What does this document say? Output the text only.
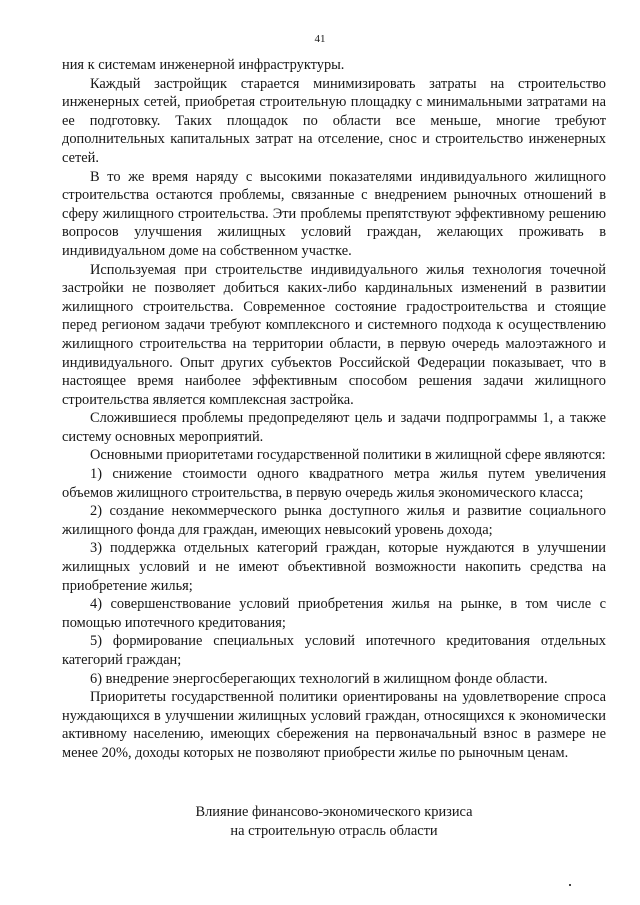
41

ния к системам инженерной инфраструктуры.

Каждый застройщик старается минимизировать затраты на строительство инженерных сетей, приобретая строительную площадку с минимальными затратами на ее подготовку. Таких площадок по области все меньше, многие требуют дополнительных капитальных затрат на отселение, снос и строительство инженерных сетей.

В то же время наряду с высокими показателями индивидуального жилищного строительства остаются проблемы, связанные с внедрением рыночных отношений в сферу жилищного строительства. Эти проблемы препятствуют эффективному решению вопросов улучшения жилищных условий граждан, желающих проживать в индивидуальном доме на собственном участке.

Используемая при строительстве индивидуального жилья технология точечной застройки не позволяет добиться каких-либо кардинальных изменений в развитии жилищного строительства. Современное состояние градостроительства и стоящие перед регионом задачи требуют комплексного и системного подхода к осуществлению жилищного строительства на территории области, в первую очередь малоэтажного и индивидуального. Опыт других субъектов Российской Федерации показывает, что в настоящее время наиболее эффективным способом решения задачи жилищного строительства является комплексная застройка.

Сложившиеся проблемы предопределяют цель и задачи подпрограммы 1, а также систему основных мероприятий.

Основными приоритетами государственной политики в жилищной сфере являются:

1) снижение стоимости одного квадратного метра жилья путем увеличения объемов жилищного строительства, в первую очередь жилья экономического класса;

2) создание некоммерческого рынка доступного жилья и развитие социального жилищного фонда для граждан, имеющих невысокий уровень дохода;

3) поддержка отдельных категорий граждан, которые нуждаются в улучшении жилищных условий и не имеют объективной возможности накопить средства на приобретение жилья;

4) совершенствование условий приобретения жилья на рынке, в том числе с помощью ипотечного кредитования;

5) формирование специальных условий ипотечного кредитования отдельных категорий граждан;

6) внедрение энергосберегающих технологий в жилищном фонде области.

Приоритеты государственной политики ориентированы на удовлетворение спроса нуждающихся в улучшении жилищных условий граждан, относящихся к экономически активному населению, имеющих сбережения на первоначальный взнос в размере не менее 20%, доходы которых не позволяют приобрести жилье по рыночным ценам.

Влияние финансово-экономического кризиса
на строительную отрасль области
